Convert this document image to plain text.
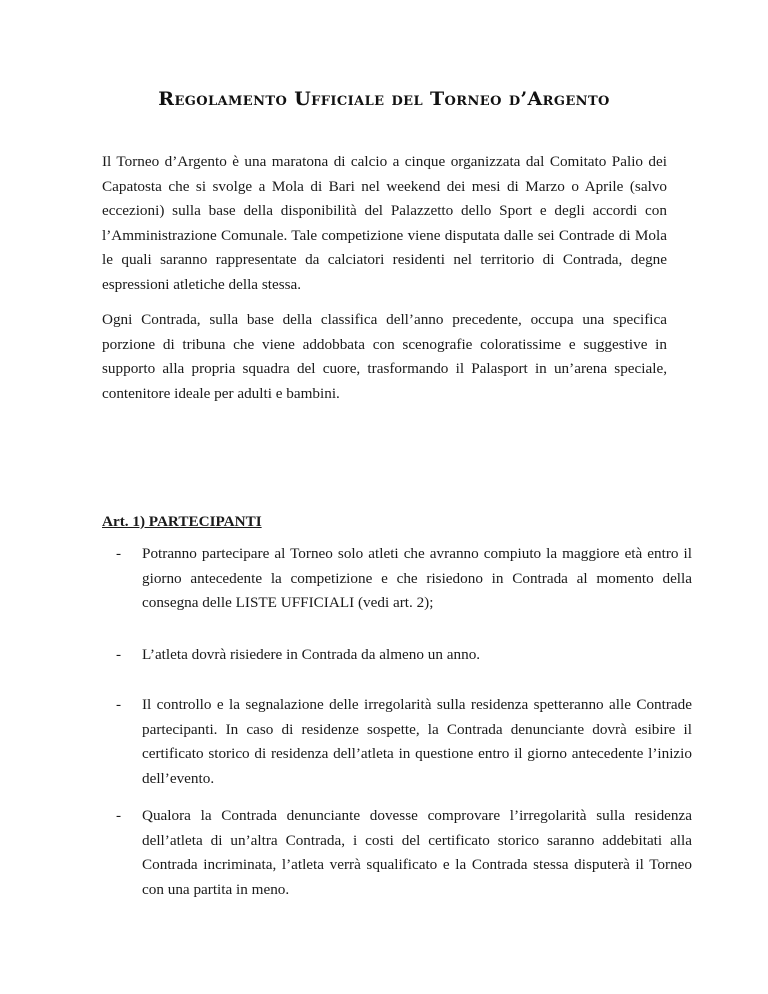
Regolamento Ufficiale del Torneo d’Argento

Il Torneo d’Argento è una maratona di calcio a cinque organizzata dal Comitato Palio dei Capatosta che si svolge a Mola di Bari nel weekend dei mesi di Marzo o Aprile (salvo eccezioni) sulla base della disponibilità del Palazzetto dello Sport e degli accordi con l’Amministrazione Comunale. Tale competizione viene disputata dalle sei Contrade di Mola le quali saranno rappresentate da calciatori residenti nel territorio di Contrada, degne espressioni atletiche della stessa.

Ogni Contrada, sulla base della classifica dell’anno precedente, occupa una specifica porzione di tribuna che viene addobbata con scenografie coloratissime e suggestive in supporto alla propria squadra del cuore, trasformando il Palasport in un’arena speciale, contenitore ideale per adulti e bambini.

Art. 1) PARTECIPANTI
- Potranno partecipare al Torneo solo atleti che avranno compiuto la maggiore età entro il giorno antecedente la competizione e che risiedono in Contrada al momento della consegna delle LISTE UFFICIALI (vedi art. 2);

- L’atleta dovrà risiedere in Contrada da almeno un anno.

- Il controllo e la segnalazione delle irregolarità sulla residenza spetteranno alle Contrade partecipanti. In caso di residenze sospette, la Contrada denunciante dovrà esibire il certificato storico di residenza dell’atleta in questione entro il giorno antecedente l’inizio dell’evento.

- Qualora la Contrada denunciante dovesse comprovare l’irregolarità sulla residenza dell’atleta di un’altra Contrada, i costi del certificato storico saranno addebitati alla Contrada incriminata, l’atleta verrà squalificato e la Contrada stessa disputerà il Torneo con una partita in meno.
